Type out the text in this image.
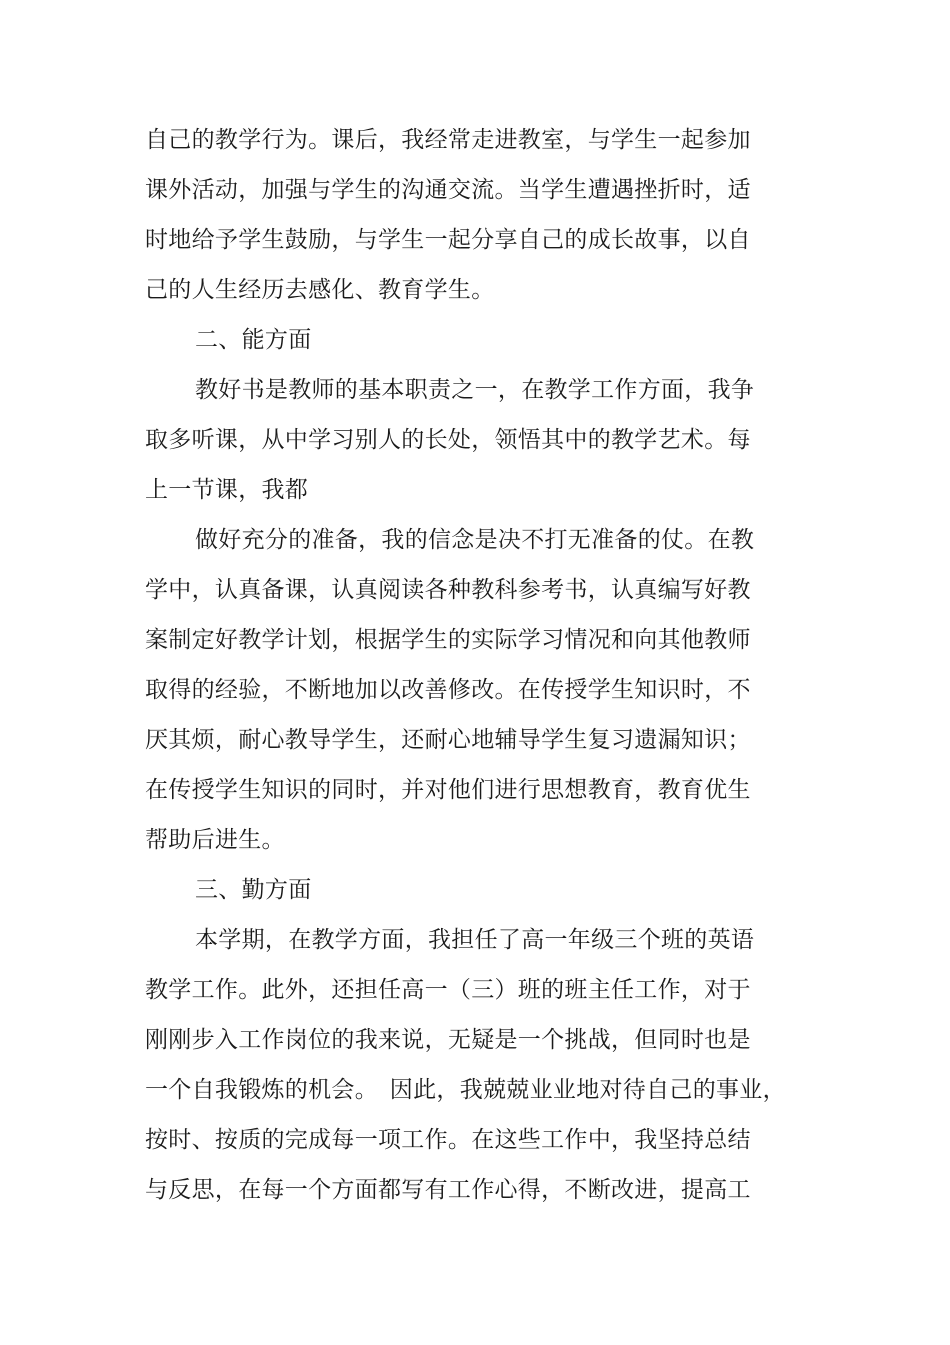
自己的教学行为。课后，我经常走进教室，与学生一起参加

课外活动，加强与学生的沟通交流。当学生遭遇挫折时，适

时地给予学生鼓励，与学生一起分享自己的成长故事，以自

己的人生经历去感化、教育学生。

二、能方面

教好书是教师的基本职责之一，在教学工作方面，我争

取多听课，从中学习别人的长处，领悟其中的教学艺术。每

上一节课，我都

做好充分的准备，我的信念是决不打无准备的仗。在教

学中，认真备课，认真阅读各种教科参考书，认真编写好教

案制定好教学计划，根据学生的实际学习情况和向其他教师

取得的经验，不断地加以改善修改。在传授学生知识时，不

厌其烦，耐心教导学生，还耐心地辅导学生复习遗漏知识；

在传授学生知识的同时，并对他们进行思想教育，教育优生

帮助后进生。

三、勤方面

本学期，在教学方面，我担任了高一年级三个班的英语

教学工作。此外，还担任高一（三）班的班主任工作，对于

刚刚步入工作岗位的我来说，无疑是一个挑战，但同时也是

一个自我锻炼的机会。　因此，我兢兢业业地对待自己的事业，

按时、按质的完成每一项工作。在这些工作中，我坚持总结

与反思，在每一个方面都写有工作心得，不断改进，提高工
